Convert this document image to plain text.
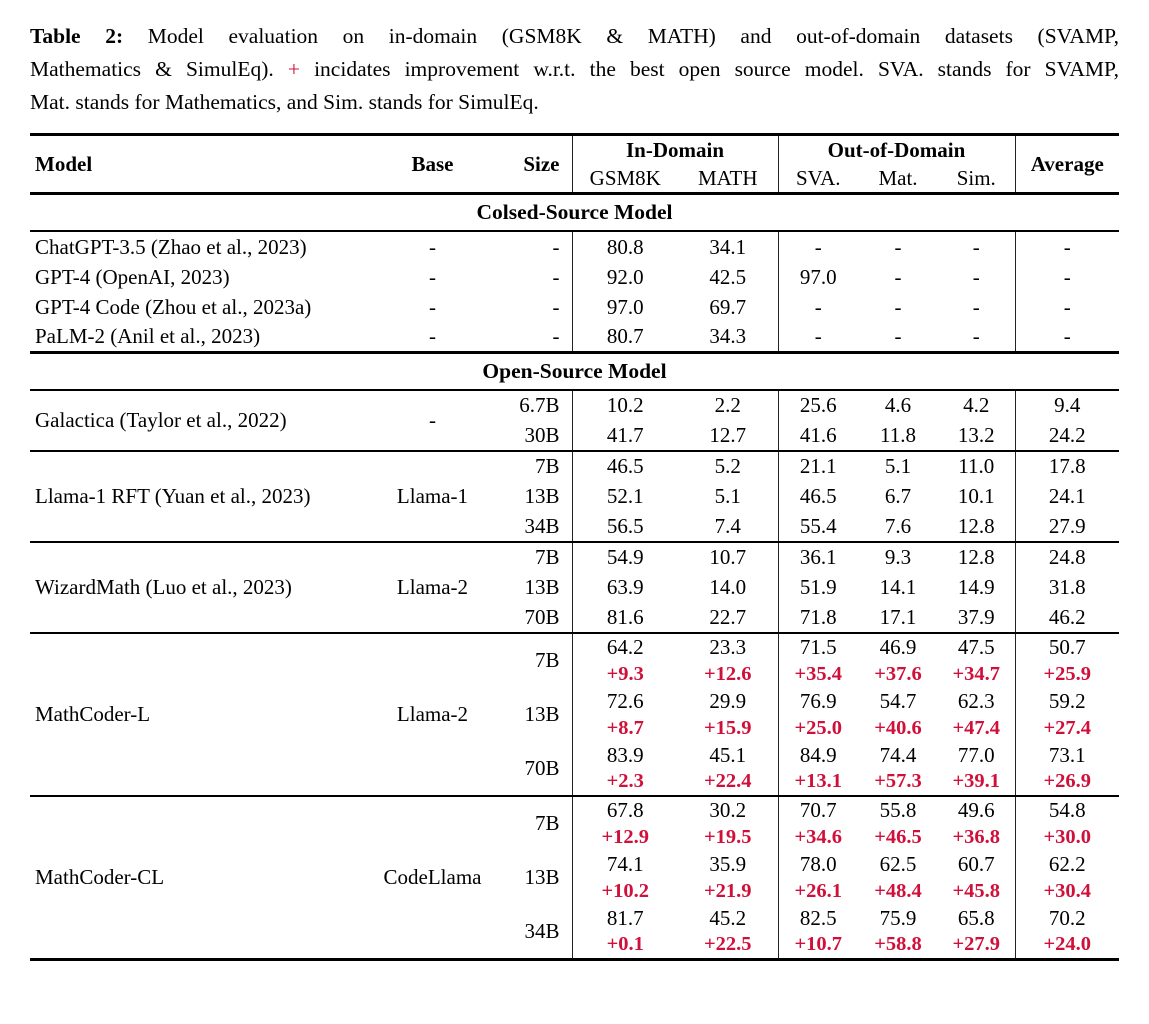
Table 2: Model evaluation on in-domain (GSM8K & MATH) and out-of-domain datasets (SVAMP,
Mathematics & SimulEq). + incidates improvement w.r.t. the best open source model. SVA. stands for SVAMP,
Mat. stands for Mathematics, and Sim. stands for SimulEq.

Model	Base	Size	In-Domain		Out-of-Domain			Average
			GSM8K	MATH	SVA.	Mat.	Sim.	

Colsed-Source Model								

ChatGPT-3.5 (Zhao et al., 2023)	-	-	80.8	34.1	-	-	-	-
GPT-4 (OpenAI, 2023)	-	-	92.0	42.5	97.0	-	-	-
GPT-4 Code (Zhou et al., 2023a)	-	-	97.0	69.7	-	-	-	-
PaLM-2 (Anil et al., 2023)	-	-	80.7	34.3	-	-	-	-

Open-Source Model								

Galactica (Taylor et al., 2022)	-	6.7B	10.2	2.2	25.6	4.6	4.2	9.4
		30B	41.7	12.7	41.6	11.8	13.2	24.2

Llama-1 RFT (Yuan et al., 2023)	Llama-1	7B	46.5	5.2	21.1	5.1	11.0	17.8
		13B	52.1	5.1	46.5	6.7	10.1	24.1
		34B	56.5	7.4	55.4	7.6	12.8	27.9

WizardMath (Luo et al., 2023)	Llama-2	7B	54.9	10.7	36.1	9.3	12.8	24.8
		13B	63.9	14.0	51.9	14.1	14.9	31.8
		70B	81.6	22.7	71.8	17.1	37.9	46.2

MathCoder-L	Llama-2	7B	64.2	23.3	71.5	46.9	47.5	50.7
			+9.3	+12.6	+35.4	+37.6	+34.7	+25.9
		13B	72.6	29.9	76.9	54.7	62.3	59.2
			+8.7	+15.9	+25.0	+40.6	+47.4	+27.4
		70B	83.9	45.1	84.9	74.4	77.0	73.1
			+2.3	+22.4	+13.1	+57.3	+39.1	+26.9

MathCoder-CL	CodeLlama	7B	67.8	30.2	70.7	55.8	49.6	54.8
			+12.9	+19.5	+34.6	+46.5	+36.8	+30.0
		13B	74.1	35.9	78.0	62.5	60.7	62.2
			+10.2	+21.9	+26.1	+48.4	+45.8	+30.4
		34B	81.7	45.2	82.5	75.9	65.8	70.2
			+0.1	+22.5	+10.7	+58.8	+27.9	+24.0
